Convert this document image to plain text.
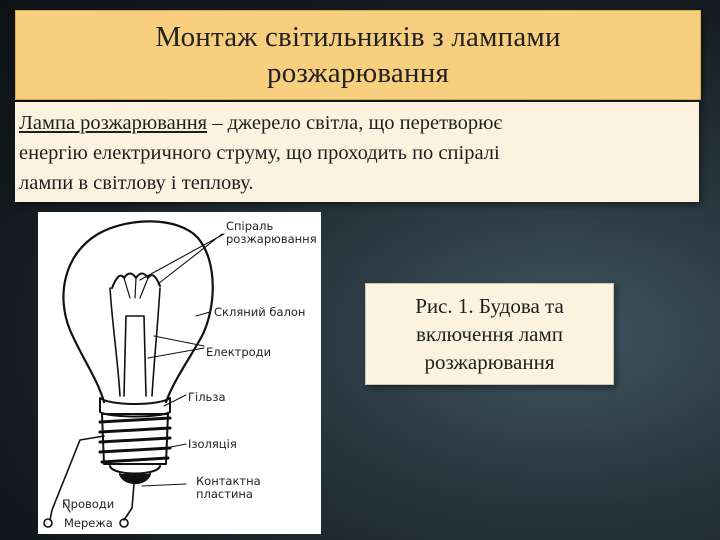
Монтаж світильників з лампами
розжарювання
Лампа розжарювання – джерело світла, що перетворює
енергію електричного струму, що проходить по спіралі
лампи в світлову і теплову.
Спіраль
розжарювання
Скляний балон
Електроди
Гільза
Ізоляція
Контактна
пластина
Проводи
Мережа
Рис. 1. Будова та
включення ламп
розжарювання
